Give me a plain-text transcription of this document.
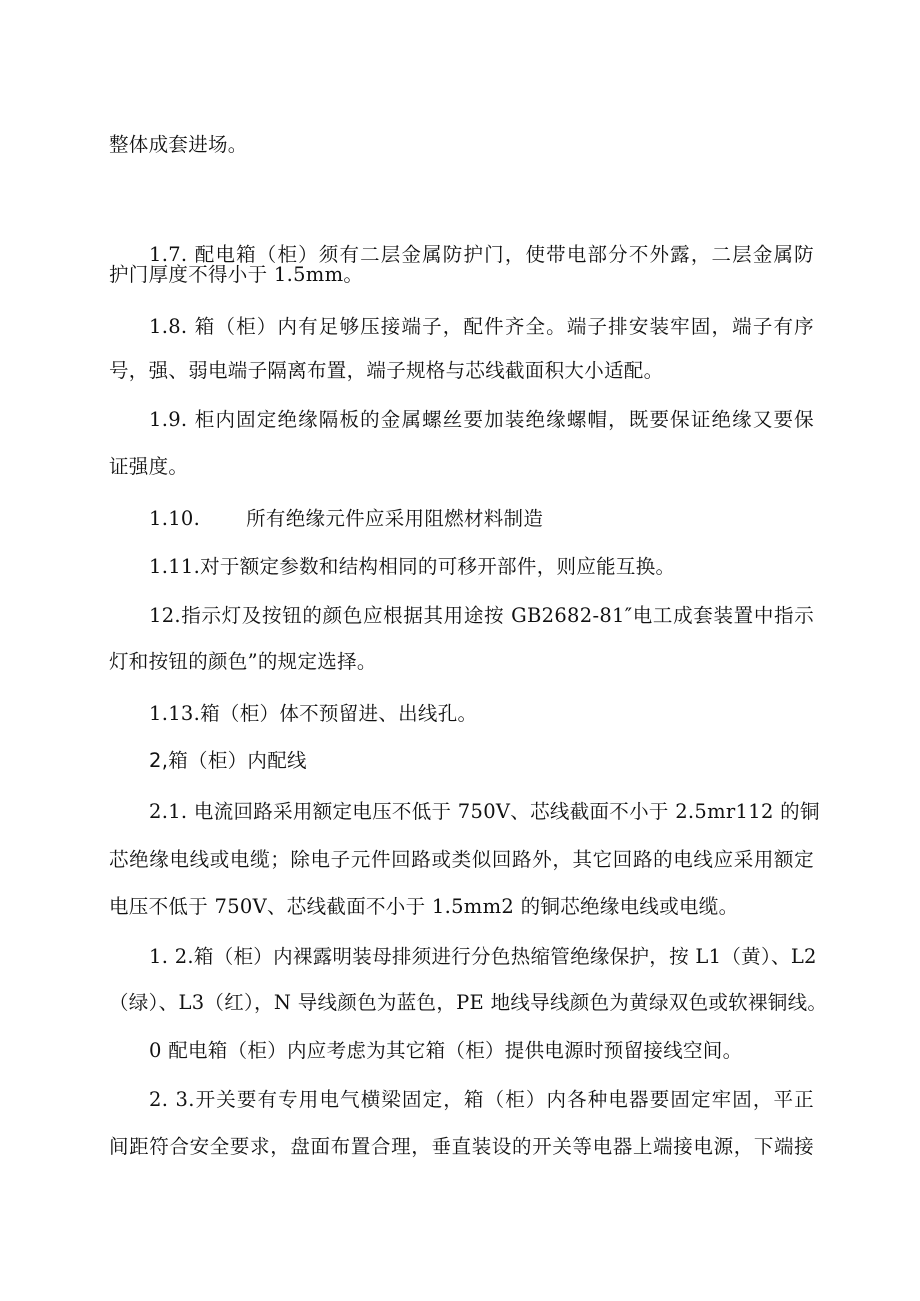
整体成套进场。
1.7. 配电箱（柜）须有二层金属防护门，使带电部分不外露，二层金属防
护门厚度不得小于 1.5mm。
1.8. 箱（柜）内有足够压接端子，配件齐全。端子排安装牢固，端子有序
号，强、弱电端子隔离布置，端子规格与芯线截面积大小适配。
1.9. 柜内固定绝缘隔板的金属螺丝要加装绝缘螺帽，既要保证绝缘又要保
证强度。
1.10. 所有绝缘元件应采用阻燃材料制造
1.11.对于额定参数和结构相同的可移开部件，则应能互换。
12.指示灯及按钮的颜色应根据其用途按 GB2682-81″电工成套装置中指示
灯和按钮的颜色”的规定选择。
1.13.箱（柜）体不预留进、出线孔。
2,箱（柜）内配线
2.1. 电流回路采用额定电压不低于 750V、芯线截面不小于 2.5mr112 的铜
芯绝缘电线或电缆；除电子元件回路或类似回路外，其它回路的电线应采用额定
电压不低于 750V、芯线截面不小于 1.5mm2 的铜芯绝缘电线或电缆。
1. 2.箱（柜）内裸露明装母排须进行分色热缩管绝缘保护，按 L1（黄）、L2
（绿）、L3（红），N 导线颜色为蓝色，PE 地线导线颜色为黄绿双色或软裸铜线。
0 配电箱（柜）内应考虑为其它箱（柜）提供电源时预留接线空间。
2. 3.开关要有专用电气横梁固定，箱（柜）内各种电器要固定牢固，平正
间距符合安全要求，盘面布置合理，垂直装设的开关等电器上端接电源，下端接
